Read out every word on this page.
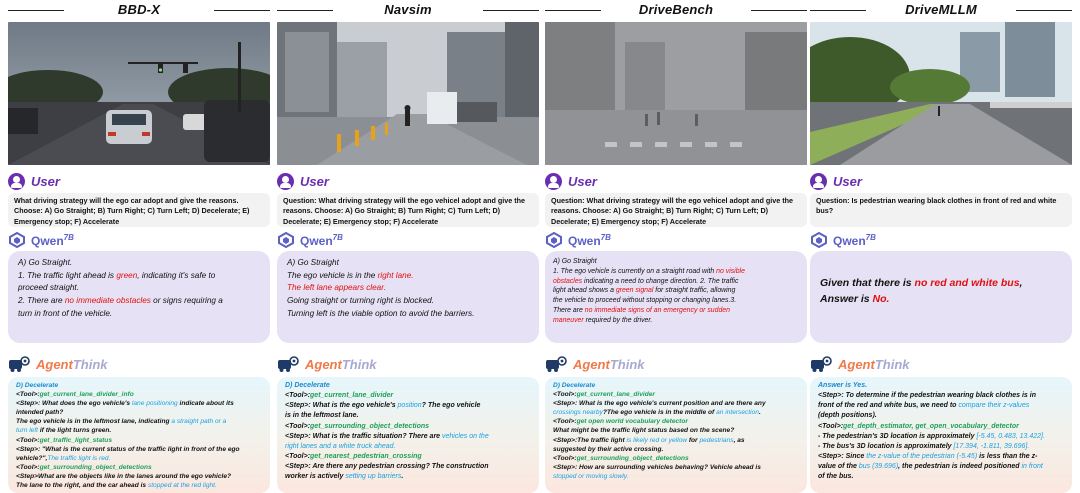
BBD-X
User
What driving strategy will the ego car adopt and give the reasons. Choose: A) Go Straight; B) Turn Right; C) Turn Left; D) Decelerate; E) Emergency stop; F) Accelerate
Qwen$^{7B}$
A) Go Straight.
1. The traffic light ahead is green, indicating it's safe to
proceed straight.
2. There are no immediate obstacles or signs requiring a
turn in front of the vehicle.
AgentThink
D) Decelerate
<Tool>:get_current_lane_divider_info
<Step>: What does the ego vehicle's lane positioning indicate about its
intended path?
The ego vehicle is in the leftmost lane, indicating a straight path or a
turn left if the light turns green.
<Tool>:get_traffic_light_status
<Step>: "What is the current status of the traffic light in front of the ego
vehicle?",The traffic light is red.
<Tool>:get_surrounding_object_detections
<Step>What are the objects like in the lanes around the ego vehicle?
The lane to the right, and the car ahead is stopped at the red light.
Navsim
User
Question: What driving strategy will the ego vehicel adopt and give the reasons. Choose: A) Go Straight; B) Turn Right; C) Turn Left; D) Decelerate; E) Emergency stop; F) Accelerate
Qwen$^{7B}$
A) Go Straight
The ego vehicle is in the right lane.
The left lane appears clear.
Going straight or turning right is blocked.
Turning left is the viable option to avoid the barriers.
AgentThink
D) Decelerate
<Tool>:get_current_lane_divider
<Step>: What is the ego vehicle's position? The ego vehicle
is in the leftmost lane.
<Tool>:get_surrounding_object_detections
<Step>: What is the traffic situation? There are vehicles on the
right lanes and a white truck ahead.
<Tool>:get_nearest_pedestrian_crossing
<Step>: Are there any pedestrian crossing? The construction
worker is actively setting up barriers.
DriveBench
User
Question: What driving strategy will the ego vehicel adopt and give the reasons. Choose: A) Go Straight; B) Turn Right; C) Turn Left; D) Decelerate; E) Emergency stop; F) Accelerate
Qwen$^{7B}$
A) Go Straight
1. The ego vehicle is currently on a straight road with no visible
obstacles indicating a need to change direction. 2. The traffic
light ahead shows a green signal for straight traffic, allowing
the vehicle to proceed without stopping or changing lanes.3.
There are no immediate signs of an emergency or sudden
maneuver required by the driver.
AgentThink
D) Decelerate
<Tool>:get_current_lane_divider
<Step>: What is the ego vehicle's current position and are there any
crossings nearby?The ego vehicle is in the middle of an intersection.
<Tool>:get open world vocabulary detector
What might be the traffic light status based on the scene?
<Step>:The traffic light is likely red or yellow for pedestrians, as
suggested by their active crossing.
<Tool>:get_surrounding_object_detections
<Step>: How are surrounding vehicles behaving? Vehicle ahead is
stopped or moving slowly.
DriveMLLM
User
Question: Is pedestrian wearing black clothes in front of red and white bus?
Qwen$^{7B}$
Given that there is no red and white bus,
Answer is No.
AgentThink
Answer is Yes.
<Step>: To determine if the pedestrian wearing black clothes is in
front of the red and white bus, we need to compare their z-values
(depth positions).
<Tool>:get_depth_estimator, get_open_vocabulary_detector
- The pedestrian's 3D location is approximately [-5.45, 0.483, 13.422].
- The bus's 3D location is approximately [17.394, -1.811, 39.696].
<Step>: Since the z-value of the pedestrian (-5.45) is less than the z-
value of the bus (39.696), the pedestrian is indeed positioned in front
of the bus.
